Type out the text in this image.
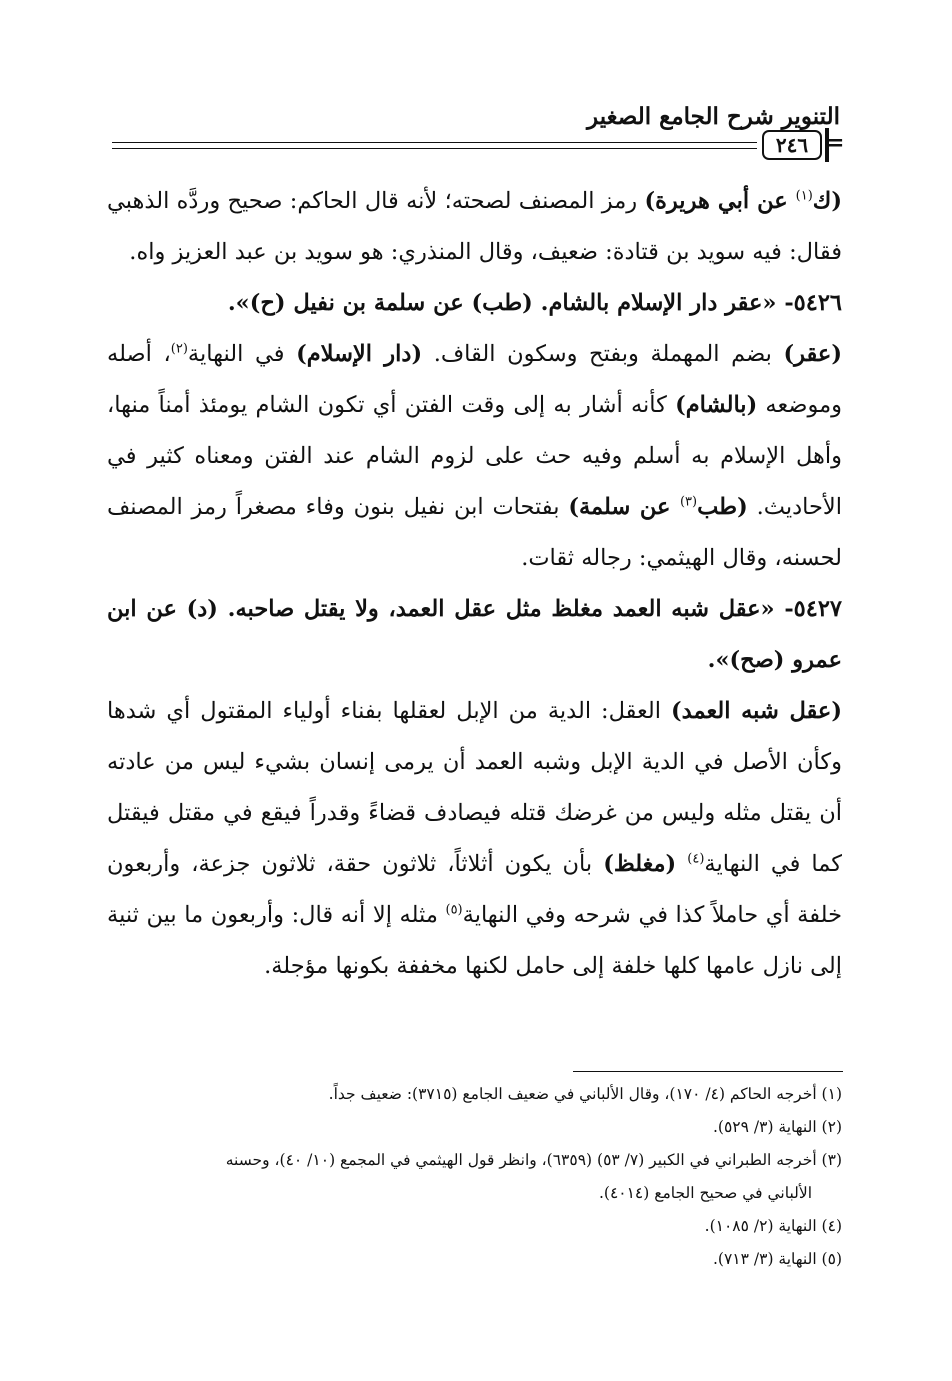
التنوير شرح الجامع الصغير
٢٤٦ =

(ك$^{(١)}$ عن أبي هريرة) رمز المصنف لصحته؛ لأنه قال الحاكم: صحيح وردَّه الذهبي فقال: فيه سويد بن قتادة: ضعيف، وقال المنذري: هو سويد بن عبد العزيز واه.

٥٤٢٦- «عقر دار الإسلام بالشام. (طب) عن سلمة بن نفيل (ح)».

(عقر) بضم المهملة وبفتح وسكون القاف. (دار الإسلام) في النهاية$^{(٢)}$، أصله وموضعه (بالشام) كأنه أشار به إلى وقت الفتن أي تكون الشام يومئذ أمناً منها، وأهل الإسلام به أسلم وفيه حث على لزوم الشام عند الفتن ومعناه كثير في الأحاديث. (طب$^{(٣)}$ عن سلمة) بفتحات ابن نفيل بنون وفاء مصغراً رمز المصنف لحسنه، وقال الهيثمي: رجاله ثقات.

٥٤٢٧- «عقل شبه العمد مغلظ مثل عقل العمد، ولا يقتل صاحبه. (د) عن ابن عمرو (صح)».

(عقل شبه العمد) العقل: الدية من الإبل لعقلها بفناء أولياء المقتول أي شدها وكأن الأصل في الدية الإبل وشبه العمد أن يرمى إنسان بشيء ليس من عادته أن يقتل مثله وليس من غرضك قتله فيصادف قضاءً وقدراً فيقع في مقتل فيقتل كما في النهاية$^{(٤)}$ (مغلظ) بأن يكون أثلاثاً، ثلاثون حقة، ثلاثون جزعة، وأربعون خلفة أي حاملاً كذا في شرحه وفي النهاية$^{(٥)}$ مثله إلا أنه قال: وأربعون ما بين ثنية إلى نازل عامها كلها خلفة إلى حامل لكنها مخففة بكونها مؤجلة.

(١) أخرجه الحاكم (٤/ ١٧٠)، وقال الألباني في ضعيف الجامع (٣٧١٥): ضعيف جداً.

(٢) النهاية (٣/ ٥٢٩).

(٣) أخرجه الطبراني في الكبير (٧/ ٥٣) (٦٣٥٩)، وانظر قول الهيثمي في المجمع (١٠/ ٤٠)، وحسنه

الألباني في صحيح الجامع (٤٠١٤).

(٤) النهاية (٢/ ١٠٨٥).

(٥) النهاية (٣/ ٧١٣).
